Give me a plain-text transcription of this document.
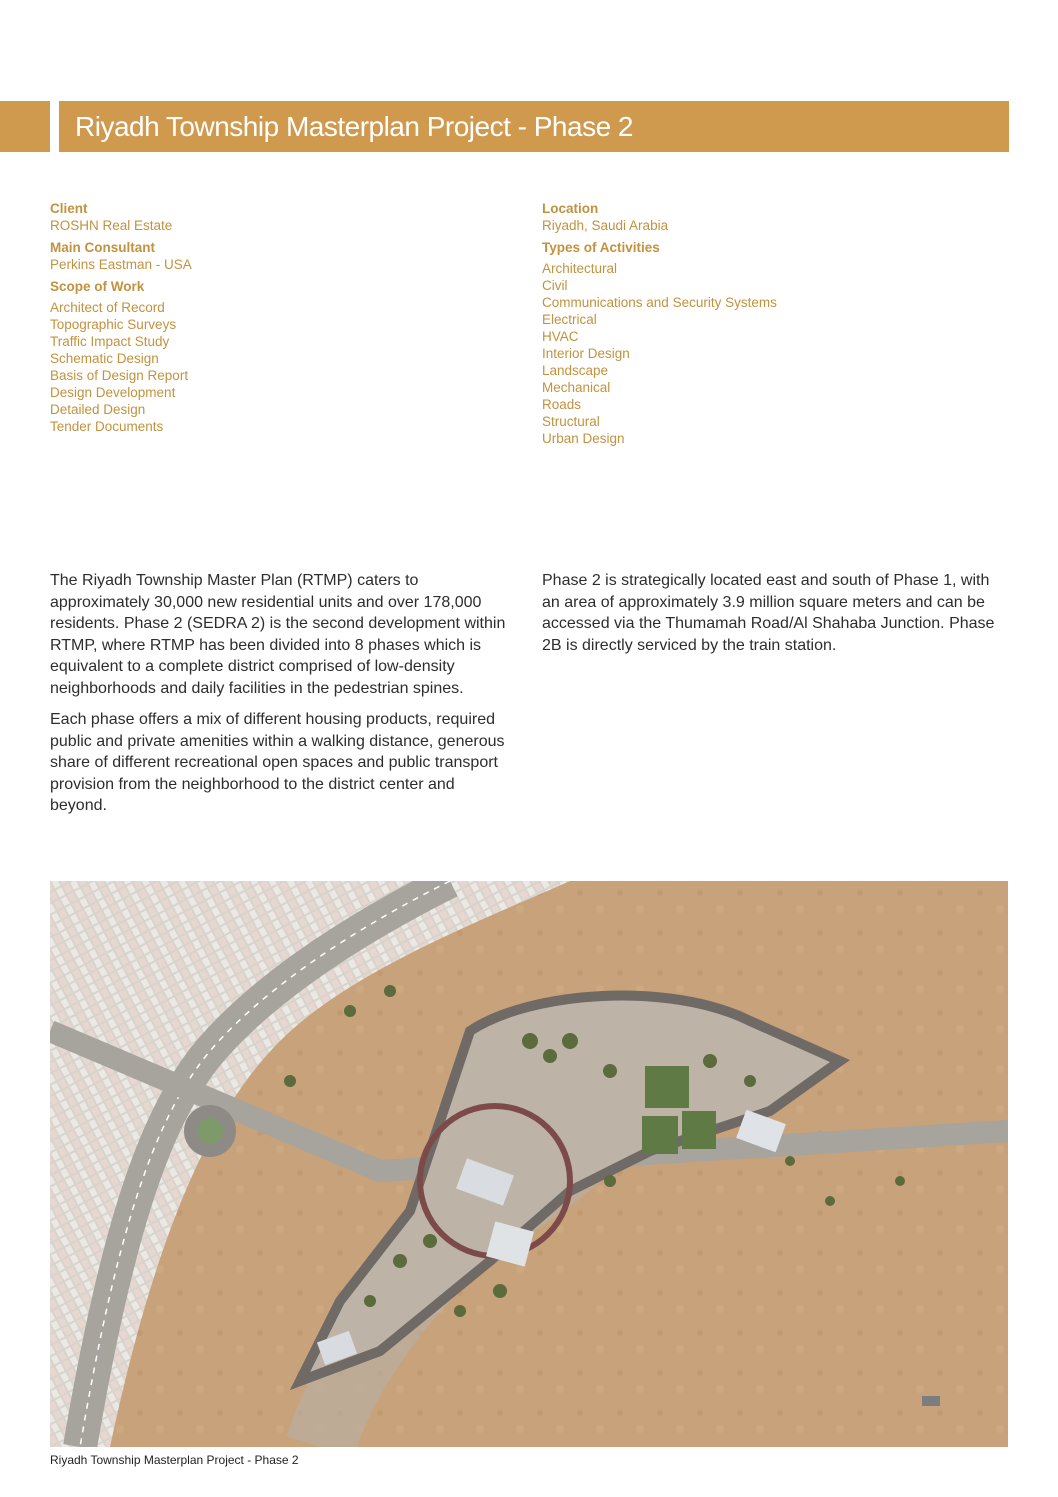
Riyadh Township Masterplan Project - Phase 2
Client
ROSHN Real Estate
Main Consultant
Perkins Eastman - USA
Scope of Work
Architect of Record
Topographic Surveys
Traffic Impact Study
Schematic Design
Basis of Design Report
Design Development
Detailed Design
Tender Documents
Location
Riyadh, Saudi Arabia
Types of Activities
Architectural
Civil
Communications and Security Systems
Electrical
HVAC
Interior Design
Landscape
Mechanical
Roads
Structural
Urban Design

The Riyadh Township Master Plan (RTMP) caters to approximately 30,000 new residential units and over 178,000 residents. Phase 2 (SEDRA 2) is the second development within RTMP, where RTMP has been divided into 8 phases which is equivalent to a complete district comprised of low-density neighborhoods and daily facilities in the pedestrian spines.

Each phase offers a mix of different housing products, required public and private amenities within a walking distance, generous share of different recreational open spaces and public transport provision from the neighborhood to the district center and beyond.

Phase 2 is strategically located east and south of Phase 1, with an area of approximately 3.9 million square meters and can be accessed via the Thumamah Road/Al Shahaba Junction. Phase 2B is directly serviced by the train station.

Riyadh Township Masterplan Project - Phase 2
